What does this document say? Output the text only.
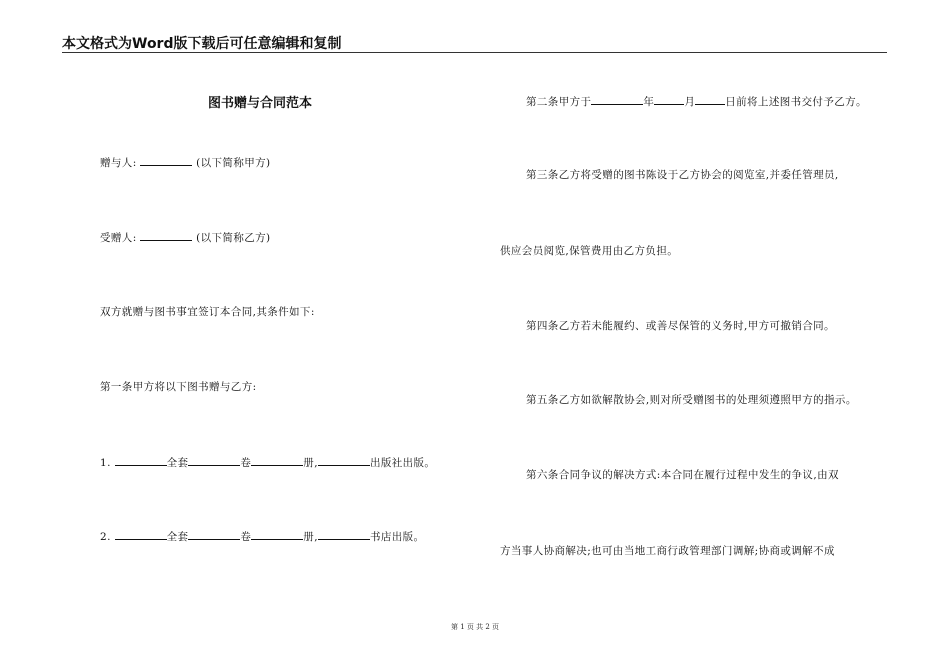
本文格式为Word版下载后可任意编辑和复制
图书赠与合同范本
赠与人:	(以下简称甲方)
受赠人:	(以下简称乙方)
双方就赠与图书事宜签订本合同,其条件如下:
第一条甲方将以下图书赠与乙方:
1.	全套	卷	册,	出版社出版。
2.	全套	卷	册,	书店出版。
第二条甲方于	年	月	日前将上述图书交付予乙方。
第三条乙方将受赠的图书陈设于乙方协会的阅览室,并委任管理员,
供应会员阅览,保管费用由乙方负担。
第四条乙方若未能履约、或善尽保管的义务时,甲方可撤销合同。
第五条乙方如欲解散协会,则对所受赠图书的处理须遵照甲方的指示。
第六条合同争议的解决方式:本合同在履行过程中发生的争议,由双
方当事人协商解决;也可由当地工商行政管理部门调解;协商或调解不成
第 1 页 共 2 页
